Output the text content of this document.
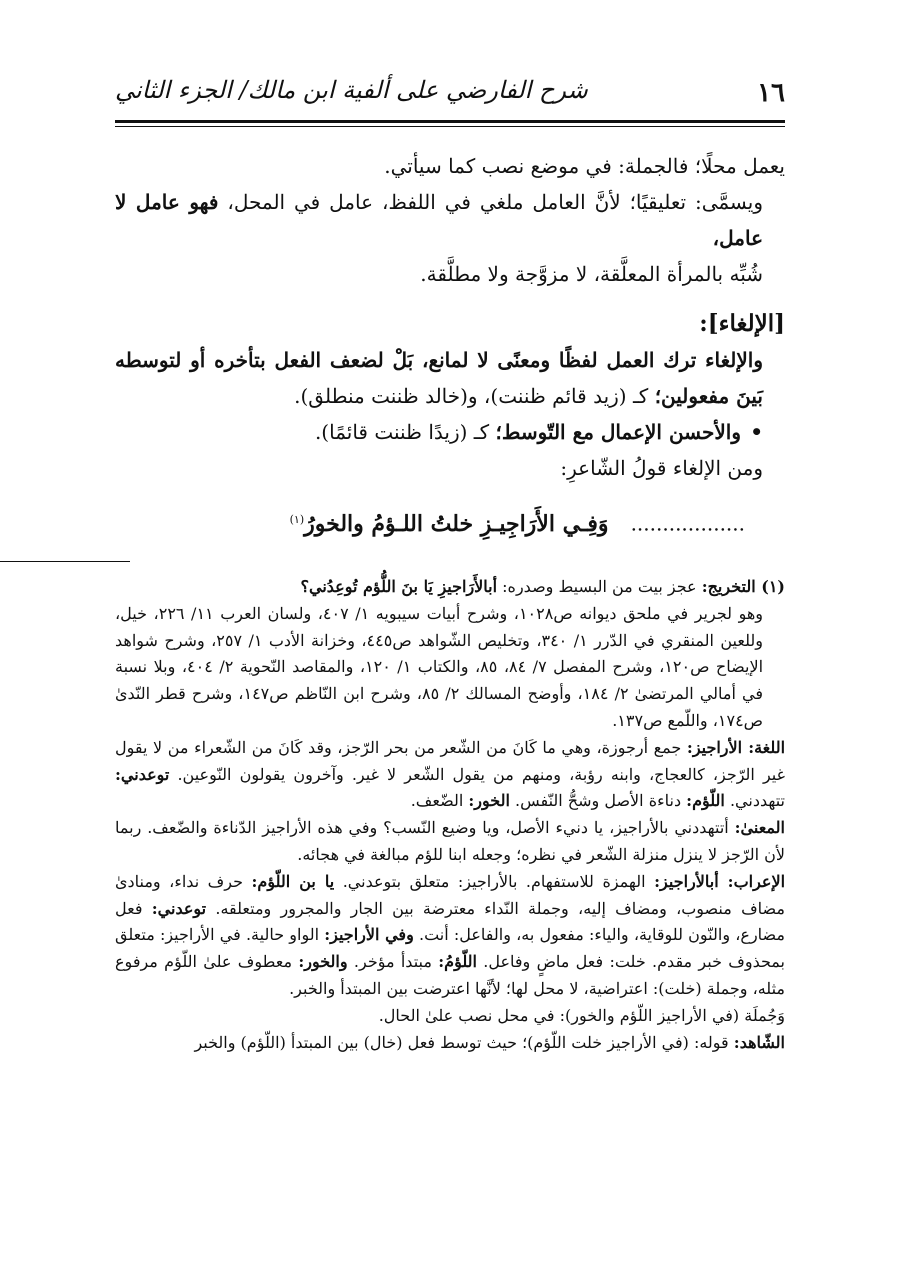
١٦
شرح الفارضي على ألفية ابن مالك/ الجزء الثاني

يعمل محلًا؛ فالجملة: في موضع نصب كما سيأتي.

ويسمَّى: تعليقيًا؛ لأنَّ العامل ملغي في اللفظ، عامل في المحل، فهو عامل لا عامل،
شُبِّه بالمرأة المعلَّقة، لا مزوَّجة ولا مطلَّقة.

[الإلغاء]:

والإلغاء ترك العمل لفظًا ومعنًى لا لمانع، بَلْ لضعف الفعل بتأخره أو لتوسطه بَينَ مفعولين؛ كـ (زيد قائم ظننت)، و(خالد ظننت منطلق).

•والأحسن الإعمال مع التّوسط؛ كـ (زيدًا ظننت قائمًا).

ومن الإلغاء قولُ الشّاعرِ:

..................وَفِـي الأَرَاجِيـزِ خلتُ اللـؤمُ والخورُ$^{(١)}$

(١) التخريج: عجز بيت من البسيط وصدره: أبالأَرَاجيزِ يَا بنَ اللُّؤم تُوعِدُني؟

وهو لجرير في ملحق ديوانه ص١٠٢٨، وشرح أبيات سيبويه ١/ ٤٠٧، ولسان العرب ١١/ ٢٢٦، خيل، وللعين المنقري في الدّرر ١/ ٣٤٠، وتخليص الشّواهد ص٤٤٥، وخزانة الأدب ١/ ٢٥٧، وشرح شواهد الإيضاح ص١٢٠، وشرح المفصل ٧/ ٨٤، ٨٥، والكتاب ١/ ١٢٠، والمقاصد النّحوية ٢/ ٤٠٤، وبلا نسبة في أمالي المرتضىٰ ٢/ ١٨٤، وأوضح المسالك ٢/ ٨٥، وشرح ابن النّاظم ص١٤٧، وشرح قطر النّدىٰ ص١٧٤، واللّمع ص١٣٧.

اللغة: الأراجيز: جمع أرجوزة، وهي ما كَانَ من الشّعر من بحر الرّجز، وقد كَانَ من الشّعراء من لا يقول غير الرّجز، كالعجاج، وابنه رؤبة، ومنهم من يقول الشّعر لا غير. وآخرون يقولون النّوعين. توعدني: تتهددني. اللّؤم: دناءة الأصل وشحُّ النّفس. الخور: الضّعف.

المعنىٰ: أتتهددني بالأراجيز، يا دنيء الأصل، ويا وضيع النّسب؟ وفي هذه الأراجيز الدّناءة والضّعف. ربما لأن الرّجز لا ينزل منزلة الشّعر في نظره؛ وجعله ابنا للؤم مبالغة في هجائه.

الإعراب: أبالأراجيز: الهمزة للاستفهام. بالأراجيز: متعلق بتوعدني. يا بن اللّؤم: حرف نداء، ومنادىٰ مضاف منصوب، ومضاف إليه، وجملة النّداء معترضة بين الجار والمجرور ومتعلقه. توعدني: فعل مضارع، والنّون للوقاية، والياء: مفعول به، والفاعل: أنت. وفي الأراجيز: الواو حالية. في الأراجيز: متعلق بمحذوف خبر مقدم. خلت: فعل ماضٍ وفاعل. اللّؤمُ: مبتدأ مؤخر. والخور: معطوف علىٰ اللّؤم مرفوع مثله، وجملة (خلت): اعتراضية، لا محل لها؛ لأنَّها اعترضت بين المبتدأ والخبر.

وَجُملَة (في الأراجيز اللّؤم والخور): في محل نصب علىٰ الحال.

الشّاهد: قوله: (في الأراجيز خلت اللّؤم)؛ حيث توسط فعل (خال) بين المبتدأ (اللّؤم) والخبر
